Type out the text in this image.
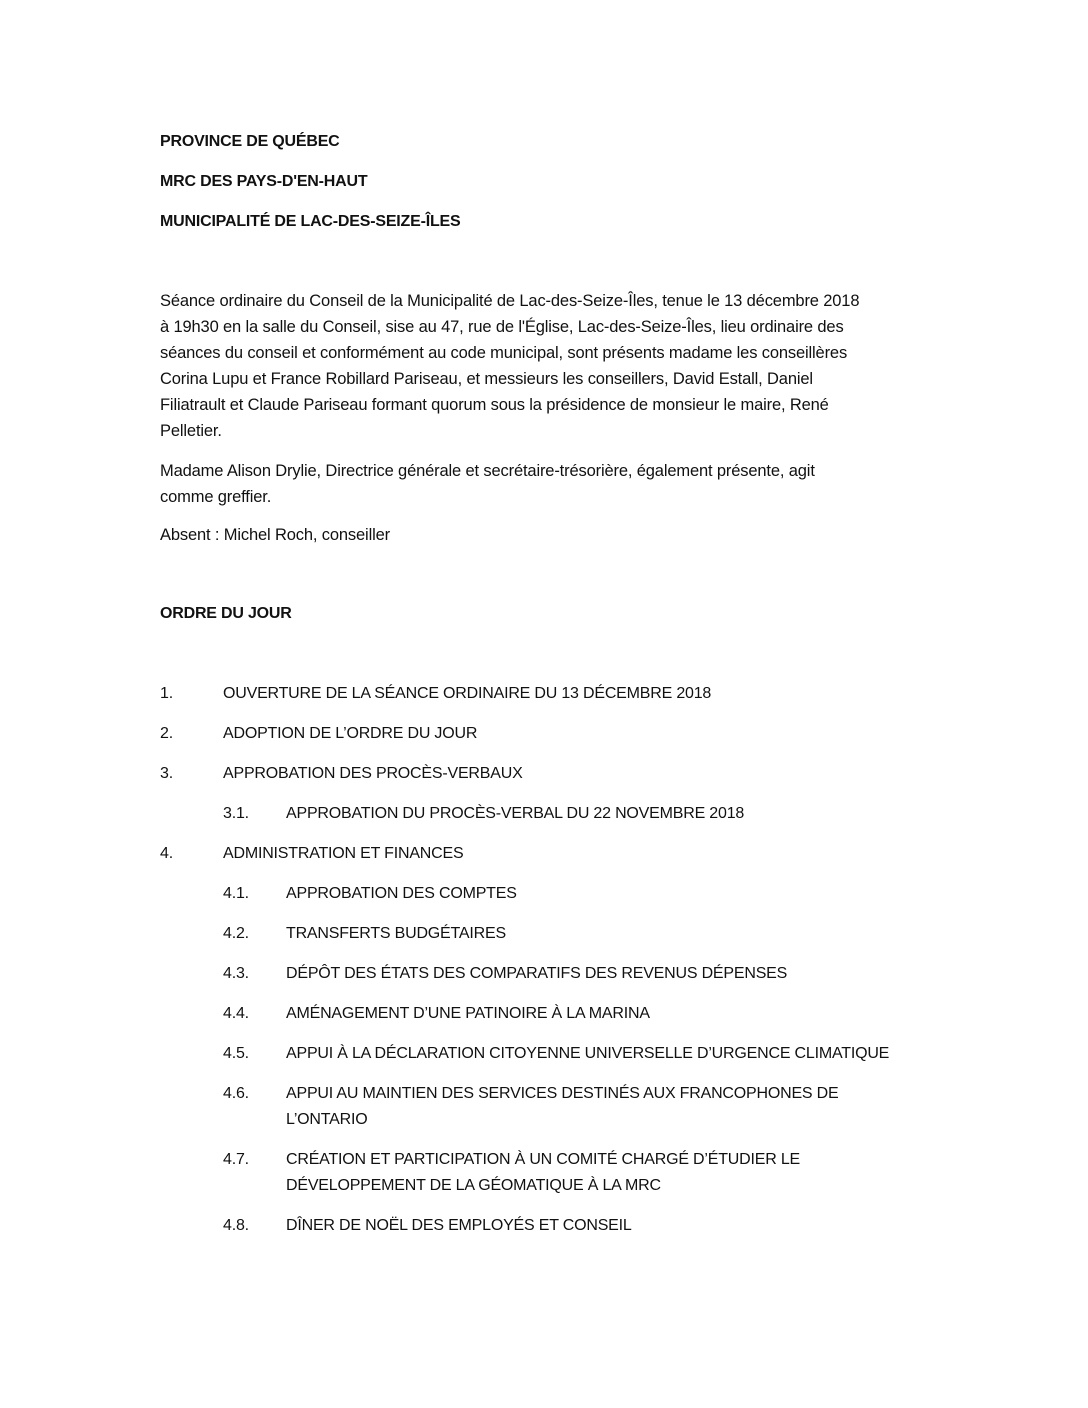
PROVINCE DE QUÉBEC
MRC DES PAYS-D'EN-HAUT
MUNICIPALITÉ DE LAC-DES-SEIZE-ÎLES
Séance ordinaire du Conseil de la Municipalité de Lac-des-Seize-Îles, tenue le 13 décembre 2018
à 19h30 en la salle du Conseil, sise au 47, rue de l'Église, Lac-des-Seize-Îles, lieu ordinaire des
séances du conseil et conformément au code municipal, sont présents madame les conseillères
Corina Lupu et France Robillard Pariseau, et messieurs les conseillers, David Estall, Daniel
Filiatrault et Claude Pariseau formant quorum sous la présidence de monsieur le maire, René
Pelletier.
Madame Alison Drylie, Directrice générale et secrétaire-trésorière, également présente, agit
comme greffier.
Absent : Michel Roch, conseiller
ORDRE DU JOUR
1.	OUVERTURE DE LA SÉANCE ORDINAIRE DU 13 DÉCEMBRE 2018
2.	ADOPTION DE L’ORDRE DU JOUR
3.	APPROBATION DES PROCÈS-VERBAUX
3.1. APPROBATION DU PROCÈS-VERBAL DU 22 NOVEMBRE 2018
4.	ADMINISTRATION ET FINANCES
4.1. APPROBATION DES COMPTES
4.2. TRANSFERTS BUDGÉTAIRES
4.3. DÉPÔT DES ÉTATS DES COMPARATIFS DES REVENUS DÉPENSES
4.4. AMÉNAGEMENT D’UNE PATINOIRE À LA MARINA
4.5. APPUI À LA DÉCLARATION CITOYENNE UNIVERSELLE D’URGENCE CLIMATIQUE
4.6. APPUI AU MAINTIEN DES SERVICES DESTINÉS AUX FRANCOPHONES DE
L’ONTARIO
4.7. CRÉATION ET PARTICIPATION À UN COMITÉ CHARGÉ D’ÉTUDIER LE
DÉVELOPPEMENT DE LA GÉOMATIQUE À LA MRC
4.8. DÎNER DE NOËL DES EMPLOYÉS ET CONSEIL
